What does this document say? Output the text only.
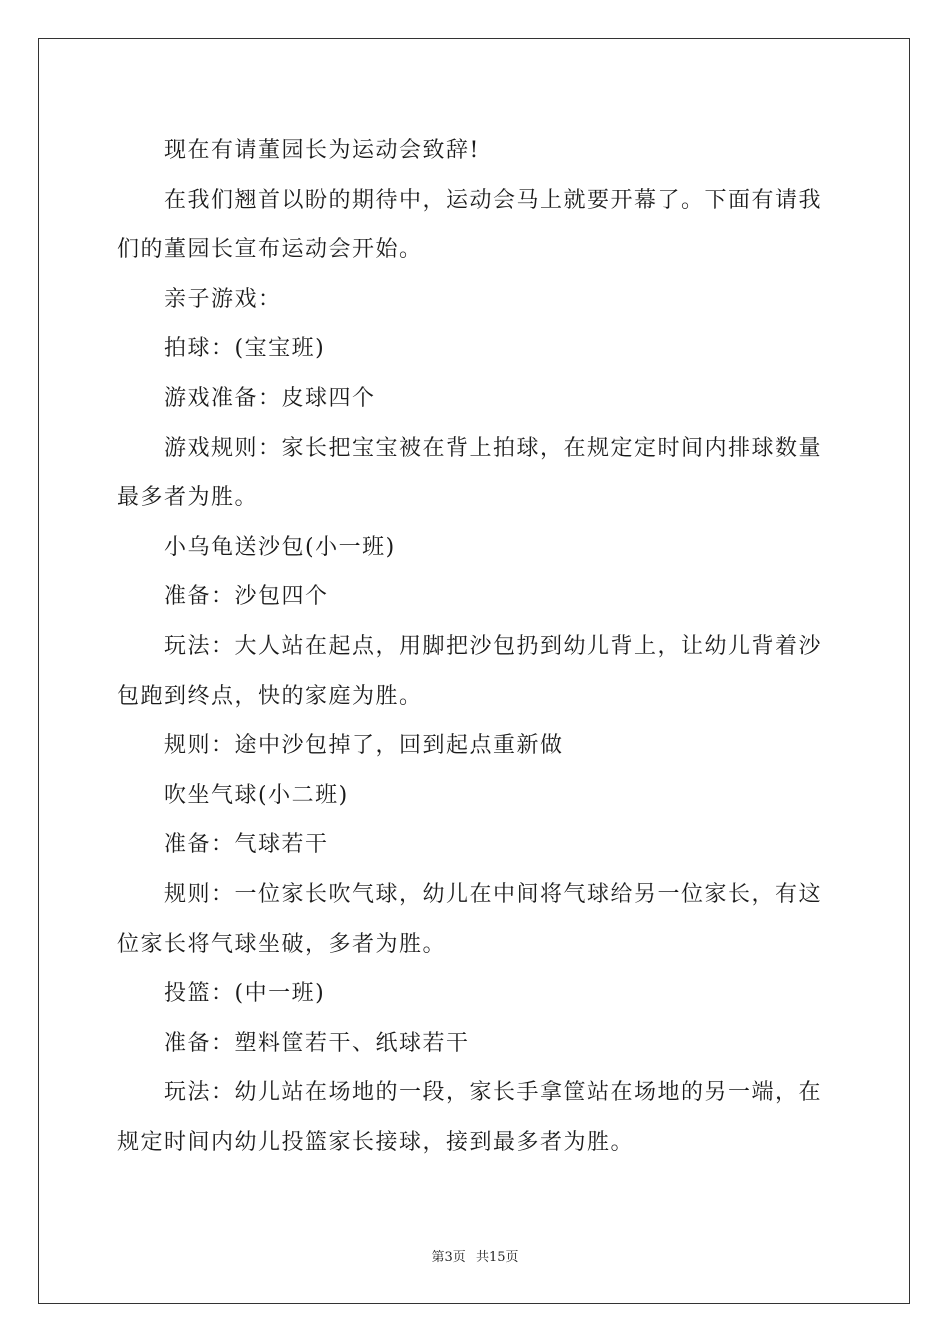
现在有请董园长为运动会致辞!

在我们翘首以盼的期待中，运动会马上就要开幕了。下面有请我们的董园长宣布运动会开始。

亲子游戏：

拍球：(宝宝班)

游戏准备：皮球四个

游戏规则：家长把宝宝被在背上拍球，在规定定时间内排球数量最多者为胜。

小乌龟送沙包(小一班)

准备：沙包四个

玩法：大人站在起点，用脚把沙包扔到幼儿背上，让幼儿背着沙包跑到终点，快的家庭为胜。

规则：途中沙包掉了，回到起点重新做

吹坐气球(小二班)

准备：气球若干

规则：一位家长吹气球，幼儿在中间将气球给另一位家长，有这位家长将气球坐破，多者为胜。

投篮：(中一班)

准备：塑料筐若干、纸球若干

玩法：幼儿站在场地的一段，家长手拿筐站在场地的另一端，在规定时间内幼儿投篮家长接球，接到最多者为胜。

第3页 共15页
